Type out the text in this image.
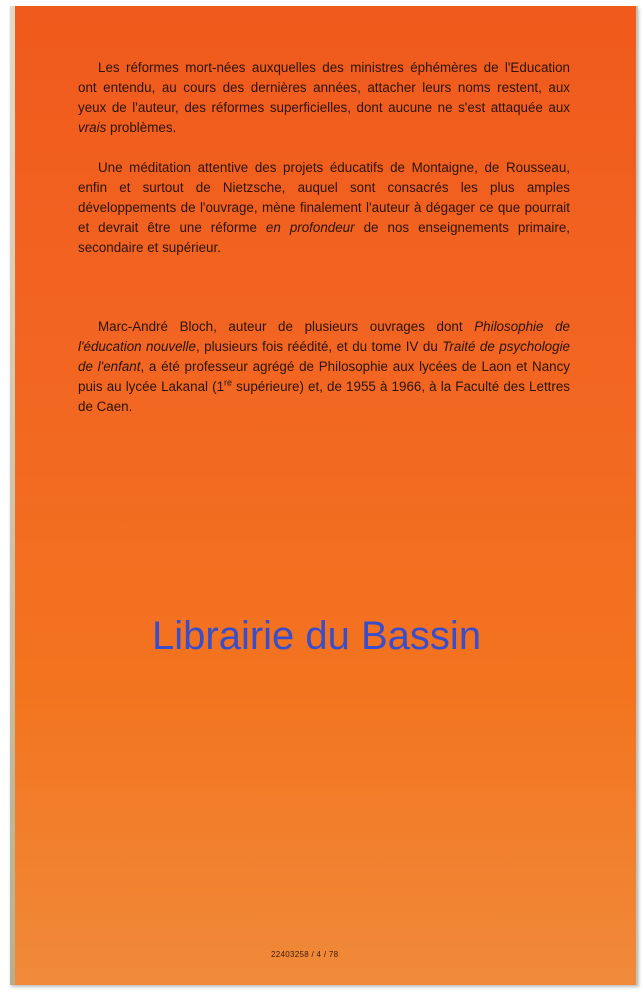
Les réformes mort-nées auxquelles des ministres éphémères de l'Education ont entendu, au cours des dernières années, attacher leurs noms restent, aux yeux de l'auteur, des réformes superficielles, dont aucune ne s'est attaquée aux vrais problèmes.

Une méditation attentive des projets éducatifs de Montaigne, de Rousseau, enfin et surtout de Nietzsche, auquel sont consacrés les plus amples développements de l'ouvrage, mène finalement l'auteur à dégager ce que pourrait et devrait être une réforme en profondeur de nos enseignements primaire, secondaire et supérieur.

Marc-André Bloch, auteur de plusieurs ouvrages dont Philosophie de l'éducation nouvelle, plusieurs fois réédité, et du tome IV du Traité de psychologie de l'enfant, a été professeur agrégé de Philosophie aux lycées de Laon et Nancy puis au lycée Lakanal (1re supérieure) et, de 1955 à 1966, à la Faculté des Lettres de Caen.

Librairie du Bassin
22403258 / 4 / 78
